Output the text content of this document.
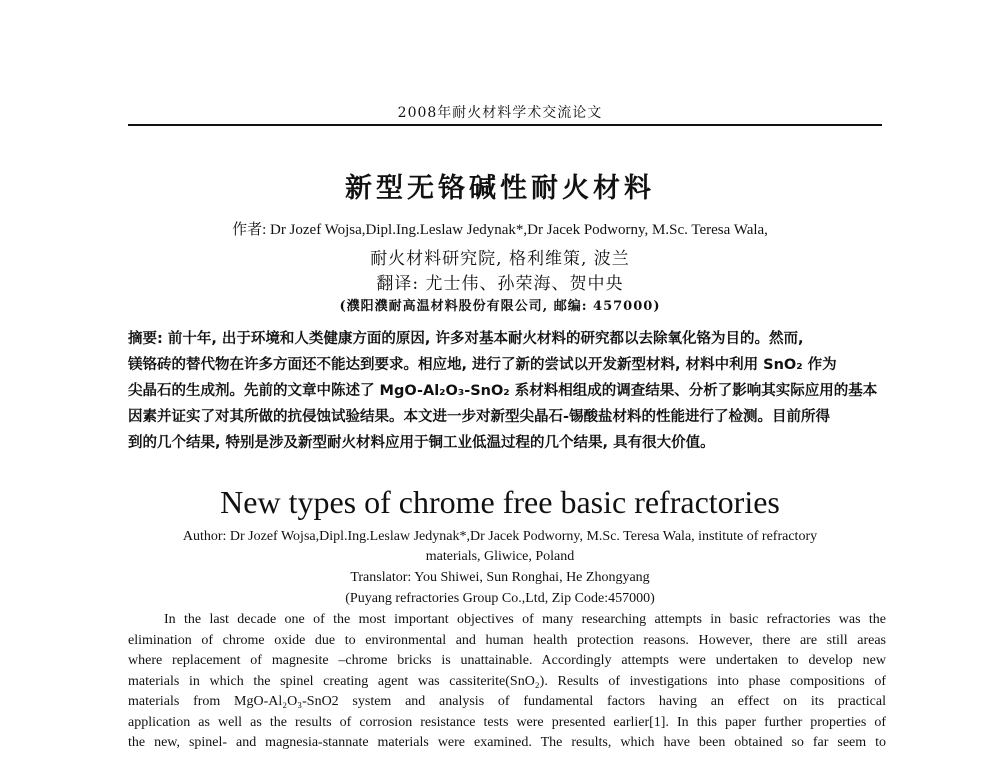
2008年耐火材料学术交流论文
新型无铬碱性耐火材料
作者: Dr Jozef Wojsa,Dipl.Ing.Leslaw Jedynak*,Dr Jacek Podworny, M.Sc. Teresa Wala,
耐火材料研究院, 格利维策, 波兰
翻译: 尤士伟、孙荣海、贺中央
(濮阳濮耐高温材料股份有限公司, 邮编: 457000)
摘要: 前十年, 出于环境和人类健康方面的原因, 许多对基本耐火材料的研究都以去除氧化铬为目的。然而,
镁铬砖的替代物在许多方面还不能达到要求。相应地, 进行了新的尝试以开发新型材料, 材料中利用 SnO₂ 作为
尖晶石的生成剂。先前的文章中陈述了 MgO-Al₂O₃-SnO₂ 系材料相组成的调查结果、分析了影响其实际应用的基本
因素并证实了对其所做的抗侵蚀试验结果。本文进一步对新型尖晶石-锡酸盐材料的性能进行了检测。目前所得
到的几个结果, 特别是涉及新型耐火材料应用于铜工业低温过程的几个结果, 具有很大价值。
New types of chrome free basic refractories
Author: Dr Jozef Wojsa,Dipl.Ing.Leslaw Jedynak*,Dr Jacek Podworny, M.Sc. Teresa Wala, institute of refractory
materials, Gliwice, Poland
Translator: You Shiwei, Sun Ronghai, He Zhongyang
(Puyang refractories Group Co.,Ltd, Zip Code:457000)
In the last decade one of the most important objectives of many researching attempts in basic refractories was the
elimination of chrome oxide due to environmental and human health protection reasons. However, there are still areas
where replacement of magnesite –chrome bricks is unattainable. Accordingly attempts were undertaken to develop new
materials in which the spinel creating agent was cassiterite(SnO₂). Results of investigations into phase compositions of
materials from MgO-Al₂O₃-SnO2 system and analysis of fundamental factors having an effect on its practical
application as well as the results of corrosion resistance tests were presented earlier[1]. In this paper further properties of
the new, spinel- and magnesia-stannate materials were examined. The results, which have been obtained so far seem to
